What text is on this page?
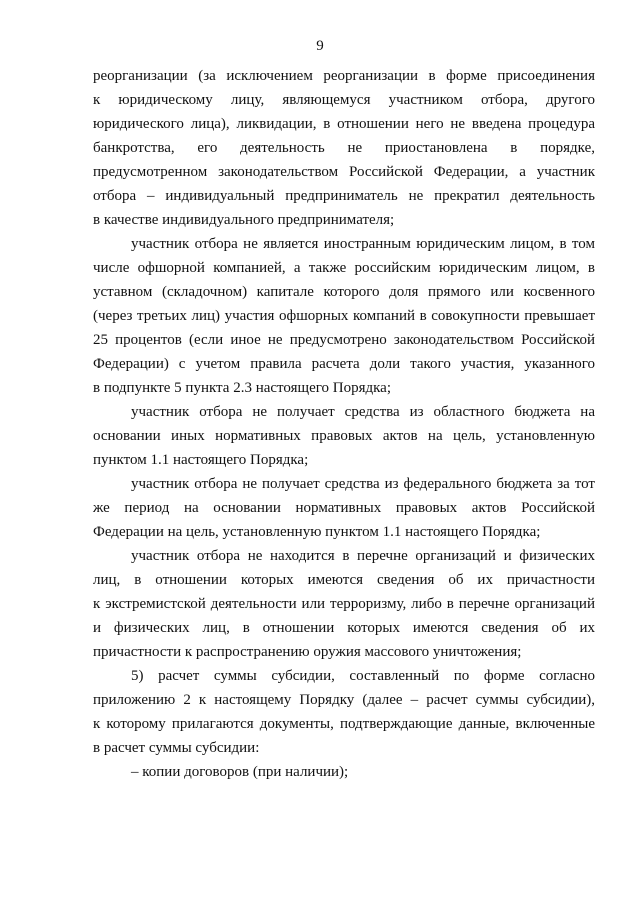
9

реорганизации (за исключением реорганизации в форме присоединения
к юридическому лицу, являющемуся участником отбора, другого
юридического лица), ликвидации, в отношении него не введена процедура
банкротства, его деятельность не приостановлена в порядке,
предусмотренном законодательством Российской Федерации, а участник
отбора – индивидуальный предприниматель не прекратил деятельность
в качестве индивидуального предпринимателя;

участник отбора не является иностранным юридическим лицом, в том
числе офшорной компанией, а также российским юридическим лицом, в
уставном (складочном) капитале которого доля прямого или косвенного
(через третьих лиц) участия офшорных компаний в совокупности превышает
25 процентов (если иное не предусмотрено законодательством Российской
Федерации) с учетом правила расчета доли такого участия, указанного
в подпункте 5 пункта 2.3 настоящего Порядка;

участник отбора не получает средства из областного бюджета на
основании иных нормативных правовых актов на цель, установленную
пунктом 1.1 настоящего Порядка;

участник отбора не получает средства из федерального бюджета за тот
же период на основании нормативных правовых актов Российской
Федерации на цель, установленную пунктом 1.1 настоящего Порядка;

участник отбора не находится в перечне организаций и физических
лиц, в отношении которых имеются сведения об их причастности
к экстремистской деятельности или терроризму, либо в перечне организаций
и физических лиц, в отношении которых имеются сведения об их
причастности к распространению оружия массового уничтожения;

5) расчет суммы субсидии, составленный по форме согласно
приложению 2 к настоящему Порядку (далее – расчет суммы субсидии),
к которому прилагаются документы, подтверждающие данные, включенные
в расчет суммы субсидии:

– копии договоров (при наличии);
